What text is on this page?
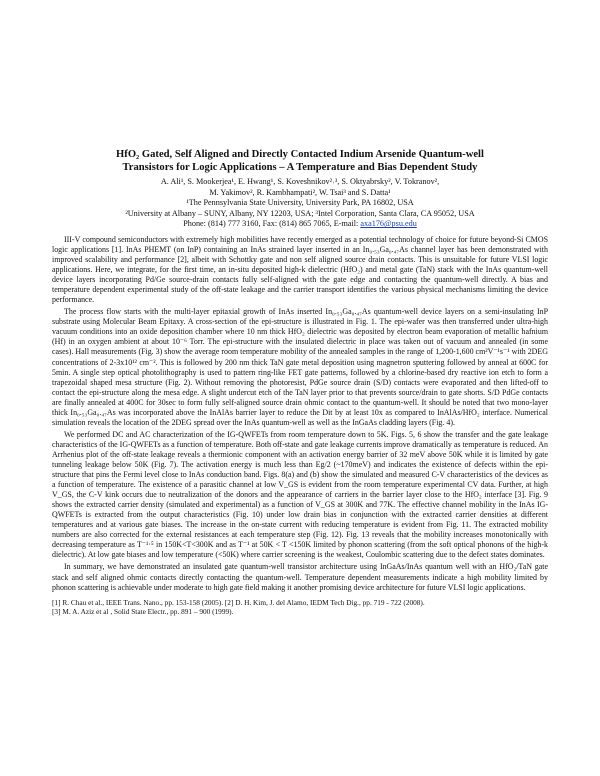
HfO₂ Gated, Self Aligned and Directly Contacted Indium Arsenide Quantum-well
Transistors for Logic Applications – A Temperature and Bias Dependent Study

A. Ali¹, S. Mookerjea¹, E. Hwang¹, S. Koveshnikov²˒³, S. Oktyabrsky², V. Tokranov²,

M. Yakimov², R. Kambhampati², W. Tsai³ and S. Datta¹

¹The Pennsylvania State University, University Park, PA 16802, USA

²University at Albany – SUNY, Albany, NY 12203, USA; ³Intel Corporation, Santa Clara, CA 95052, USA

Phone: (814) 777 3160, Fax: (814) 865 7065, E-mail: axa176@psu.edu

III-V compound semiconductors with extremely high mobilities have recently emerged as a potential technology of choice for future beyond-Si CMOS logic applications [1]. InAs PHEMT (on InP) containing an InAs strained layer inserted in an In₀.₅₃Ga₀.₄₇As channel layer has been demonstrated with improved scalability and performance [2], albeit with Schottky gate and non self aligned source drain contacts. This is unsuitable for future VLSI logic applications. Here, we integrate, for the first time, an in-situ deposited high-k dielectric (HfO₂) and metal gate (TaN) stack with the InAs quantum-well device layers incorporating Pd/Ge source-drain contacts fully self-aligned with the gate edge and contacting the quantum-well directly. A bias and temperature dependent experimental study of the off-state leakage and the carrier transport identifies the various physical mechanisms limiting the device performance.

The process flow starts with the multi-layer epitaxial growth of InAs inserted In₀.₅₃Ga₀.₄₇As quantum-well device layers on a semi-insulating InP substrate using Molecular Beam Epitaxy. A cross-section of the epi-structure is illustrated in Fig. 1. The epi-wafer was then transferred under ultra-high vacuum conditions into an oxide deposition chamber where 10 nm thick HfO₂ dielectric was deposited by electron beam evaporation of metallic hafnium (Hf) in an oxygen ambient at about 10⁻⁶ Torr. The epi-structure with the insulated dielectric in place was taken out of vacuum and annealed (in some cases). Hall measurements (Fig. 3) show the average room temperature mobility of the annealed samples in the range of 1,200-1,600 cm²V⁻¹s⁻¹ with 2DEG concentrations of 2-3x10¹² cm⁻². This is followed by 200 nm thick TaN gate metal deposition using magnetron sputtering followed by anneal at 600C for 5min. A single step optical photolithography is used to pattern ring-like FET gate patterns, followed by a chlorine-based dry reactive ion etch to form a trapezoidal shaped mesa structure (Fig. 2). Without removing the photoresist, PdGe source drain (S/D) contacts were evaporated and then lifted-off to contact the epi-structure along the mesa edge. A slight undercut etch of the TaN layer prior to that prevents source/drain to gate shorts. S/D PdGe contacts are finally annealed at 400C for 30sec to form fully self-aligned source drain ohmic contact to the quantum-well. It should be noted that two mono-layer thick In₀.₅₃Ga₀.₄₇As was incorporated above the InAlAs barrier layer to reduce the Dit by at least 10x as compared to InAlAs/HfO₂ interface. Numerical simulation reveals the location of the 2DEG spread over the InAs quantum-well as well as the InGaAs cladding layers (Fig. 4).

We performed DC and AC characterization of the IG-QWFETs from room temperature down to 5K. Figs. 5, 6 show the transfer and the gate leakage characteristics of the IG-QWFETs as a function of temperature. Both off-state and gate leakage currents improve dramatically as temperature is reduced. An Arrhenius plot of the off-state leakage reveals a thermionic component with an activation energy barrier of 32 meV above 50K while it is limited by gate tunneling leakage below 50K (Fig. 7). The activation energy is much less than Eg/2 (~170meV) and indicates the existence of defects within the epi-structure that pins the Fermi level close to InAs conduction band. Figs. 8(a) and (b) show the simulated and measured C-V characteristics of the devices as a function of temperature. The existence of a parasitic channel at low V_GS is evident from the room temperature experimental CV data. Further, at high V_GS, the C-V kink occurs due to neutralization of the donors and the appearance of carriers in the barrier layer close to the HfO₂ interface [3]. Fig. 9 shows the extracted carrier density (simulated and experimental) as a function of V_GS at 300K and 77K. The effective channel mobility in the InAs IG-QWFETs is extracted from the output characteristics (Fig. 10) under low drain bias in conjunction with the extracted carrier densities at different temperatures and at various gate biases. The increase in the on-state current with reducing temperature is evident from Fig. 11. The extracted mobility numbers are also corrected for the external resistances at each temperature step (Fig. 12). Fig. 13 reveals that the mobility increases monotonically with decreasing temperature as T⁻¹·⁵ in 150K<T<300K and as T⁻¹ at 50K < T <150K limited by phonon scattering (from the soft optical phonons of the high-k dielectric). At low gate biases and low temperature (<50K) where carrier screening is the weakest, Coulombic scattering due to the defect states dominates.

In summary, we have demonstrated an insulated gate quantum-well transistor architecture using InGaAs/InAs quantum well with an HfO₂/TaN gate stack and self aligned ohmic contacts directly contacting the quantum-well. Temperature dependent measurements indicate a high mobility limited by phonon scattering is achievable under moderate to high gate field making it another promising device architecture for future VLSI logic applications.

[1] R. Chau et al., IEEE Trans. Nano., pp. 153-158 (2005). [2] D. H. Kim, J. del Alamo, IEDM Tech Dig., pp. 719 - 722 (2008).

[3] M. A. Aziz et al , Solid State Electr., pp. 891 – 900 (1999).
